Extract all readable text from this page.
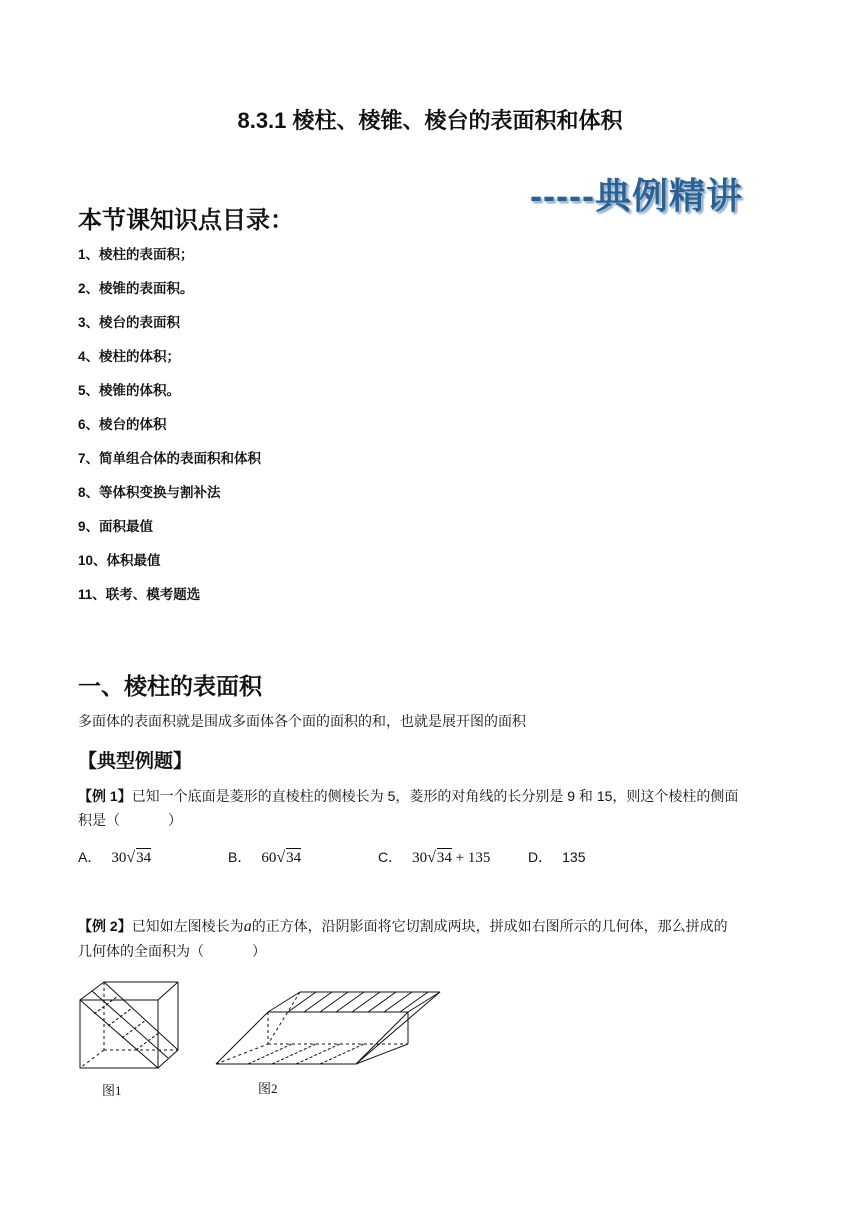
8.3.1 棱柱、棱锥、棱台的表面积和体积
-----典例精讲
本节课知识点目录：
1、棱柱的表面积；
2、棱锥的表面积。
3、棱台的表面积
4、棱柱的体积；
5、棱锥的体积。
6、棱台的体积
7、简单组合体的表面积和体积
8、等体积变换与割补法
9、面积最值
10、体积最值
11、联考、模考题选
一、棱柱的表面积
多面体的表面积就是围成多面体各个面的面积的和，也就是展开图的面积
【典型例题】
【例 1】已知一个底面是菱形的直棱柱的侧棱长为 5，菱形的对角线的长分别是 9 和 15，则这个棱柱的侧面
积是（	）
A． 30√34	B． 60√34	C． 30√34 + 135	D． 135
【例 2】已知如左图棱长为a的正方体，沿阴影面将它切割成两块，拼成如右图所示的几何体，那么拼成的
几何体的全面积为（	）
图1	图2
